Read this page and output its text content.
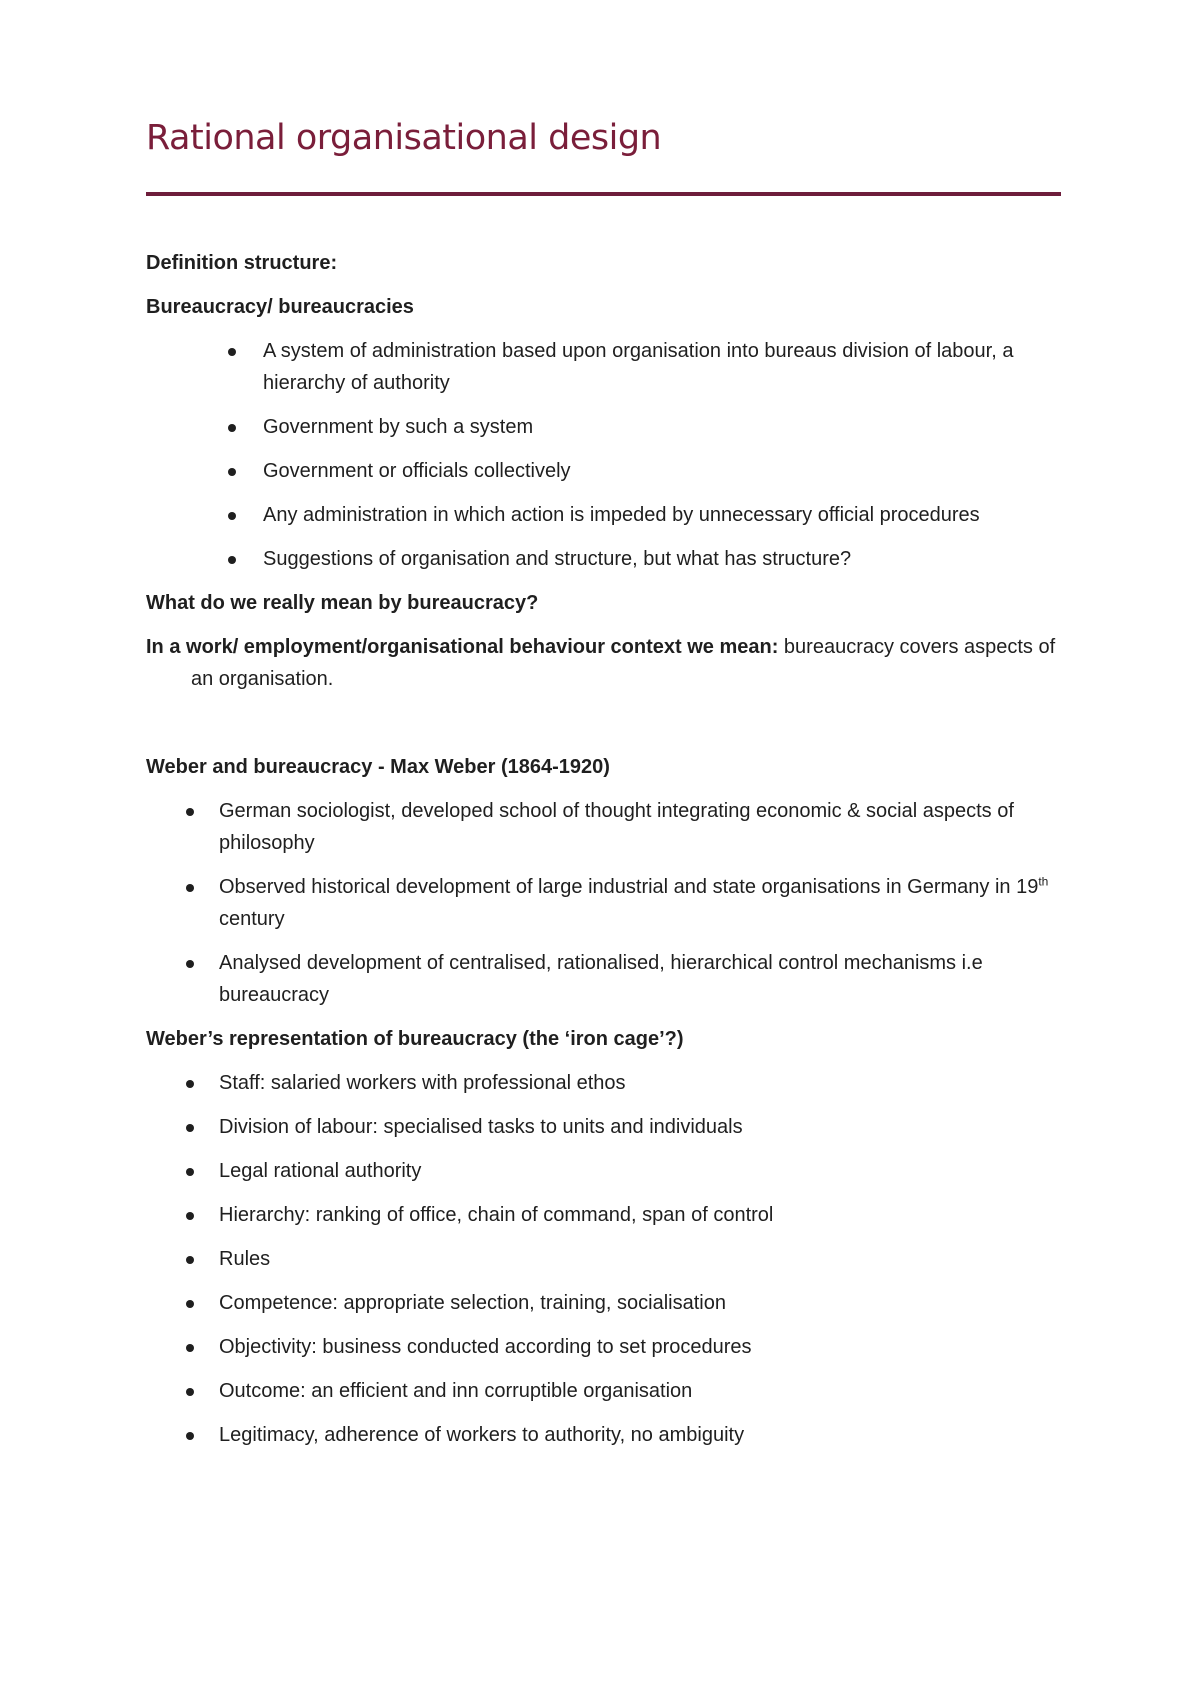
Rational organisational design

Definition structure:

Bureaucracy/ bureaucracies

A system of administration based upon organisation into bureaus division of labour, a hierarchy of authority
Government by such a system
Government or officials collectively
Any administration in which action is impeded by unnecessary official procedures
Suggestions of organisation and structure, but what has structure?

What do we really mean by bureaucracy?

In a work/ employment/organisational behaviour context we mean: bureaucracy covers aspects of an organisation.

Weber and bureaucracy - Max Weber (1864-1920)

German sociologist, developed school of thought integrating economic & social aspects of philosophy
Observed historical development of large industrial and state organisations in Germany in 19th century
Analysed development of centralised, rationalised, hierarchical control mechanisms i.e bureaucracy

Weber’s representation of bureaucracy (the ‘iron cage’?)

Staff: salaried workers with professional ethos
Division of labour: specialised tasks to units and individuals
Legal rational authority
Hierarchy: ranking of office, chain of command, span of control
Rules
Competence: appropriate selection, training, socialisation
Objectivity: business conducted according to set procedures
Outcome: an efficient and inn corruptible organisation
Legitimacy, adherence of workers to authority, no ambiguity
